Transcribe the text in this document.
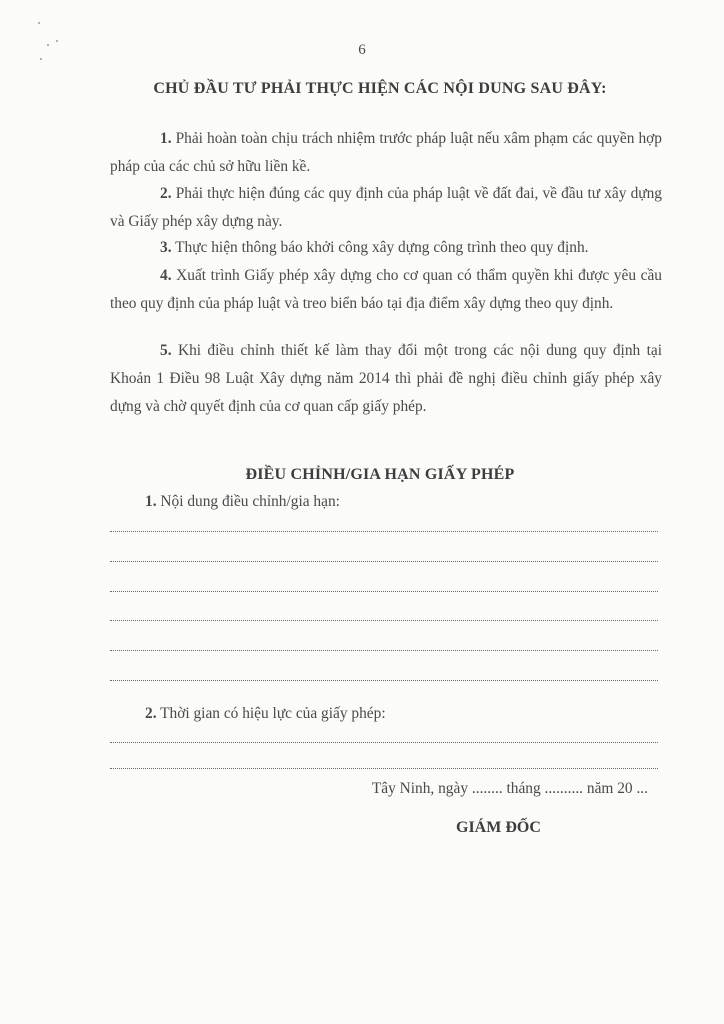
6
CHỦ ĐẦU TƯ PHẢI THỰC HIỆN CÁC NỘI DUNG SAU ĐÂY:
1. Phải hoàn toàn chịu trách nhiệm trước pháp luật nếu xâm phạm các quyền hợp pháp của các chủ sở hữu liền kề.
2. Phải thực hiện đúng các quy định của pháp luật về đất đai, về đầu tư xây dựng và Giấy phép xây dựng này.
3. Thực hiện thông báo khởi công xây dựng công trình theo quy định.
4. Xuất trình Giấy phép xây dựng cho cơ quan có thẩm quyền khi được yêu cầu theo quy định của pháp luật và treo biển báo tại địa điểm xây dựng theo quy định.
5. Khi điều chỉnh thiết kế làm thay đổi một trong các nội dung quy định tại Khoản 1 Điều 98 Luật Xây dựng năm 2014 thì phải đề nghị điều chỉnh giấy phép xây dựng và chờ quyết định của cơ quan cấp giấy phép.
ĐIỀU CHỈNH/GIA HẠN GIẤY PHÉP
1. Nội dung điều chỉnh/gia hạn:
2. Thời gian có hiệu lực của giấy phép:
Tây Ninh, ngày ........ tháng .......... năm 20 ...
GIÁM ĐỐC
